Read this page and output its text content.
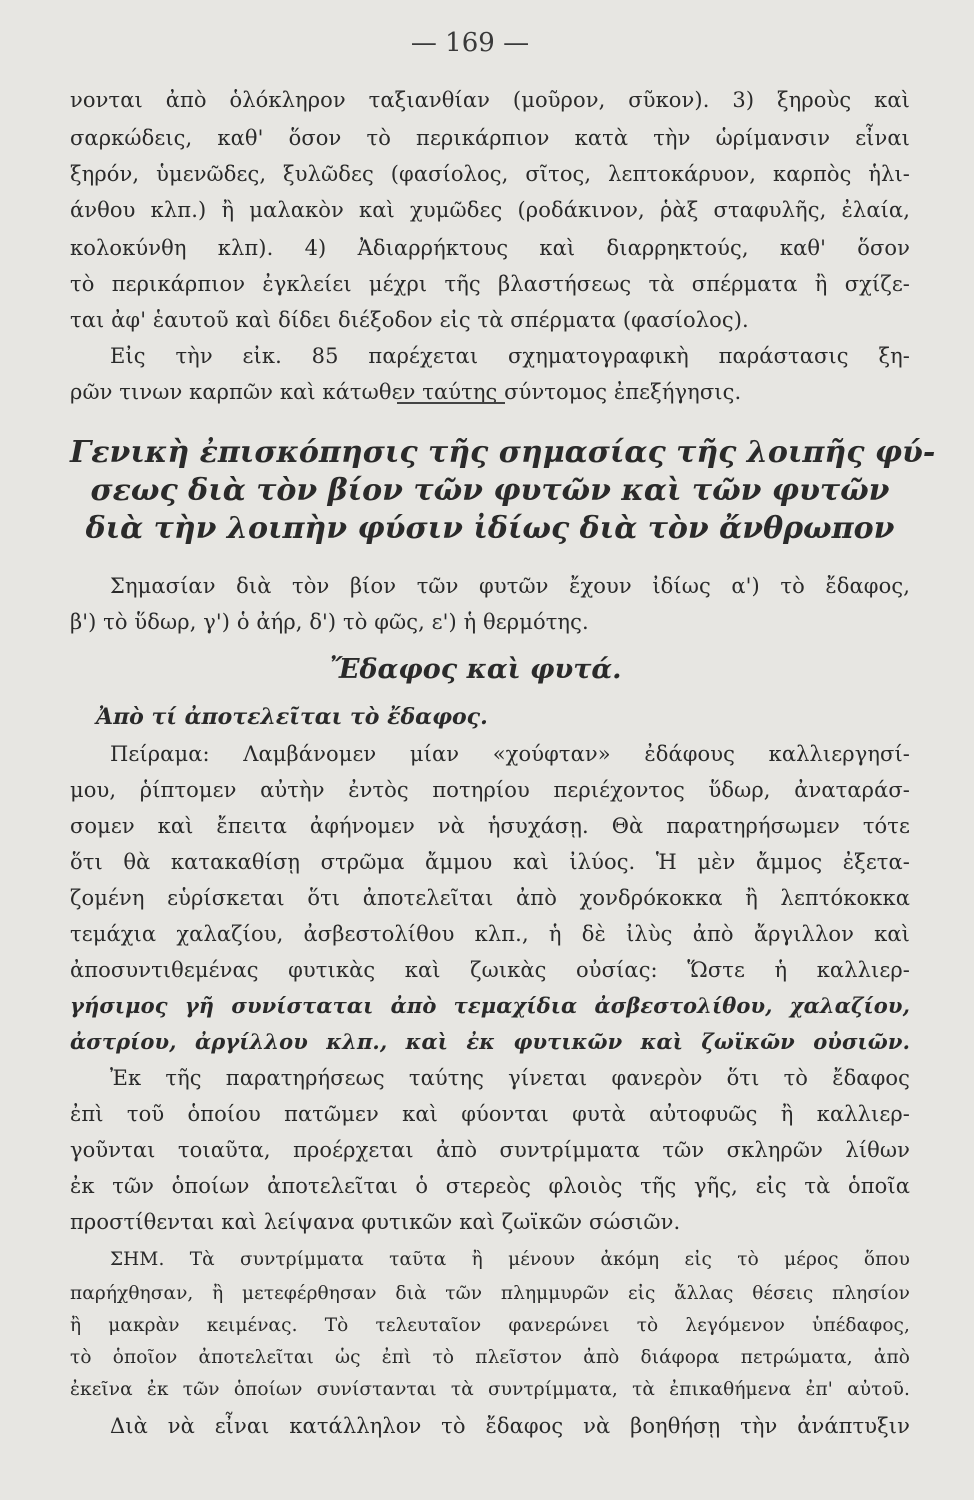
— 169 —
νονται ἀπὸ ὁλόκληρον ταξιανθίαν (μοῦρον, σῦκον). 3) ξηροὺς καὶ
σαρκώδεις, καθ' ὅσον τὸ περικάρπιον κατὰ τὴν ὡρίμανσιν εἶναι
ξηρόν, ὑμενῶδες, ξυλῶδες (φασίολος, σῖτος, λεπτοκάρυον, καρπὸς ἡλι-
άνθου κλπ.) ἢ μαλακὸν καὶ χυμῶδες (ροδάκινον, ῥὰξ σταφυλῆς, ἐλαία,
κολοκύνθη κλπ). 4) Ἀδιαρρήκτους καὶ διαρρηκτούς, καθ' ὅσον
τὸ περικάρπιον ἐγκλείει μέχρι τῆς βλαστήσεως τὰ σπέρματα ἢ σχίζε-
ται ἀφ' ἑαυτοῦ καὶ δίδει διέξοδον εἰς τὰ σπέρματα (φασίολος).
Εἰς τὴν εἰκ. 85 παρέχεται σχηματογραφικὴ παράστασις ξη-
ρῶν τινων καρπῶν καὶ κάτωθεν ταύτης σύντομος ἐπεξήγησις.
Γενικὴ ἐπισκόπησις τῆς σημασίας τῆς λοιπῆς φύ-
σεως διὰ τὸν βίον τῶν φυτῶν καὶ τῶν φυτῶν
διὰ τὴν λοιπὴν φύσιν ἰδίως διὰ τὸν ἄνθρωπον
Σημασίαν διὰ τὸν βίον τῶν φυτῶν ἔχουν ἰδίως α') τὸ ἔδαφος,
β') τὸ ὕδωρ, γ') ὁ ἀήρ, δ') τὸ φῶς, ε') ἡ θερμότης.
Ἔδαφος καὶ φυτά.
Ἀπὸ τί ἀποτελεῖται τὸ ἔδαφος.
Πείραμα: Λαμβάνομεν μίαν «χούφταν» ἐδάφους καλλιεργησί-
μου, ῥίπτομεν αὐτὴν ἐντὸς ποτηρίου περιέχοντος ὕδωρ, ἀναταράσ-
σομεν καὶ ἔπειτα ἀφήνομεν νὰ ἡσυχάσῃ. Θὰ παρατηρήσωμεν τότε
ὅτι θὰ κατακαθίσῃ στρῶμα ἄμμου καὶ ἰλύος. Ἡ μὲν ἄμμος ἐξετα-
ζομένη εὑρίσκεται ὅτι ἀποτελεῖται ἀπὸ χονδρόκοκκα ἢ λεπτόκοκκα
τεμάχια χαλαζίου, ἀσβεστολίθου κλπ., ἡ δὲ ἰλὺς ἀπὸ ἄργιλλον καὶ
ἀποσυντιθεμένας φυτικὰς καὶ ζωικὰς οὐσίας: Ὥστε ἡ καλλιερ-
γήσιμος γῆ συνίσταται ἀπὸ τεμαχίδια ἀσβεστολίθου, χαλαζίου,
ἀστρίου, ἀργίλλου κλπ., καὶ ἐκ φυτικῶν καὶ ζωϊκῶν οὐσιῶν.
Ἐκ τῆς παρατηρήσεως ταύτης γίνεται φανερὸν ὅτι τὸ ἔδαφος
ἐπὶ τοῦ ὁποίου πατῶμεν καὶ φύονται φυτὰ αὐτοφυῶς ἢ καλλιερ-
γοῦνται τοιαῦτα, προέρχεται ἀπὸ συντρίμματα τῶν σκληρῶν λίθων
ἐκ τῶν ὁποίων ἀποτελεῖται ὁ στερεὸς φλοιὸς τῆς γῆς, εἰς τὰ ὁποῖα
προστίθενται καὶ λείψανα φυτικῶν καὶ ζωϊκῶν σώσιῶν.
ΣΗΜ. Τὰ συντρίμματα ταῦτα ἢ μένουν ἀκόμη εἰς τὸ μέρος ὅπου
παρήχθησαν, ἢ μετεφέρθησαν διὰ τῶν πλημμυρῶν εἰς ἄλλας θέσεις πλησίον
ἢ μακρὰν κειμένας. Τὸ τελευταῖον φανερώνει τὸ λεγόμενον ὑπέδαφος,
τὸ ὁποῖον ἀποτελεῖται ὡς ἐπὶ τὸ πλεῖστον ἀπὸ διάφορα πετρώματα, ἀπὸ
ἐκεῖνα ἐκ τῶν ὁποίων συνίστανται τὰ συντρίμματα, τὰ ἐπικαθήμενα ἐπ' αὐτοῦ.
Διὰ νὰ εἶναι κατάλληλον τὸ ἔδαφος νὰ βοηθήσῃ τὴν ἀνάπτυξιν
